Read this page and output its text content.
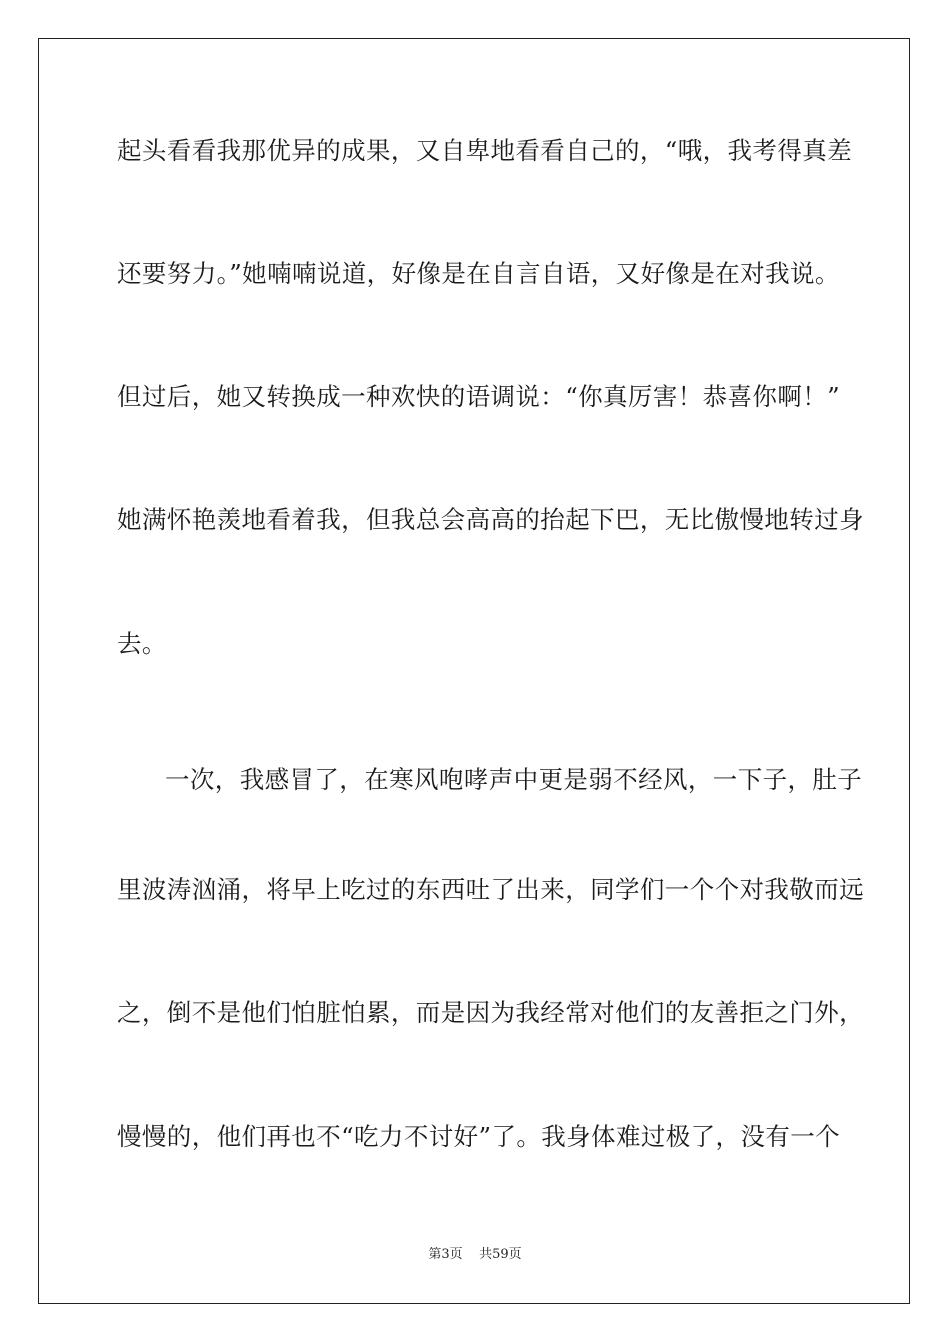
起头看看我那优异的成果，又自卑地看看自己的，“哦，我考得真差
还要努力。”她喃喃说道，好像是在自言自语，又好像是在对我说。
但过后，她又转换成一种欢快的语调说：“你真厉害！恭喜你啊！”
她满怀艳羡地看着我，但我总会高高的抬起下巴，无比傲慢地转过身
去。
一次，我感冒了，在寒风咆哮声中更是弱不经风，一下子，肚子
里波涛汹涌，将早上吃过的东西吐了出来，同学们一个个对我敬而远
之，倒不是他们怕脏怕累，而是因为我经常对他们的友善拒之门外，
慢慢的，他们再也不“吃力不讨好”了。我身体难过极了，没有一个
第3页 共59页
